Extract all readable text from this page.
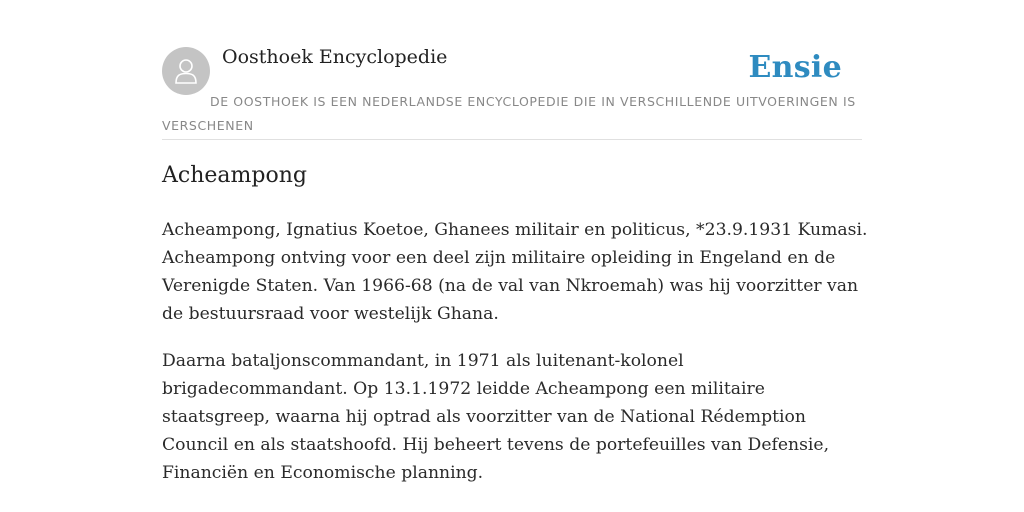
Oosthoek Encyclopedie	Ensie
DE OOSTHOEK IS EEN NEDERLANDSE ENCYCLOPEDIE DIE IN VERSCHILLENDE UITVOERINGEN IS VERSCHENEN
Acheampong

Acheampong, Ignatius Koetoe, Ghanees militair en politicus, *23.9.1931 Kumasi. Acheampong ontving voor een deel zijn militaire opleiding in Engeland en de Verenigde Staten. Van 1966-68 (na de val van Nkroemah) was hij voorzitter van de bestuursraad voor westelijk Ghana.

Daarna bataljonscommandant, in 1971 als luitenant-kolonel brigadecommandant. Op 13.1.1972 leidde Acheampong een militaire staatsgreep, waarna hij optrad als voorzitter van de National Rédemption Council en als staatshoofd. Hij beheert tevens de portefeuilles van Defensie, Financiën en Economische planning.
